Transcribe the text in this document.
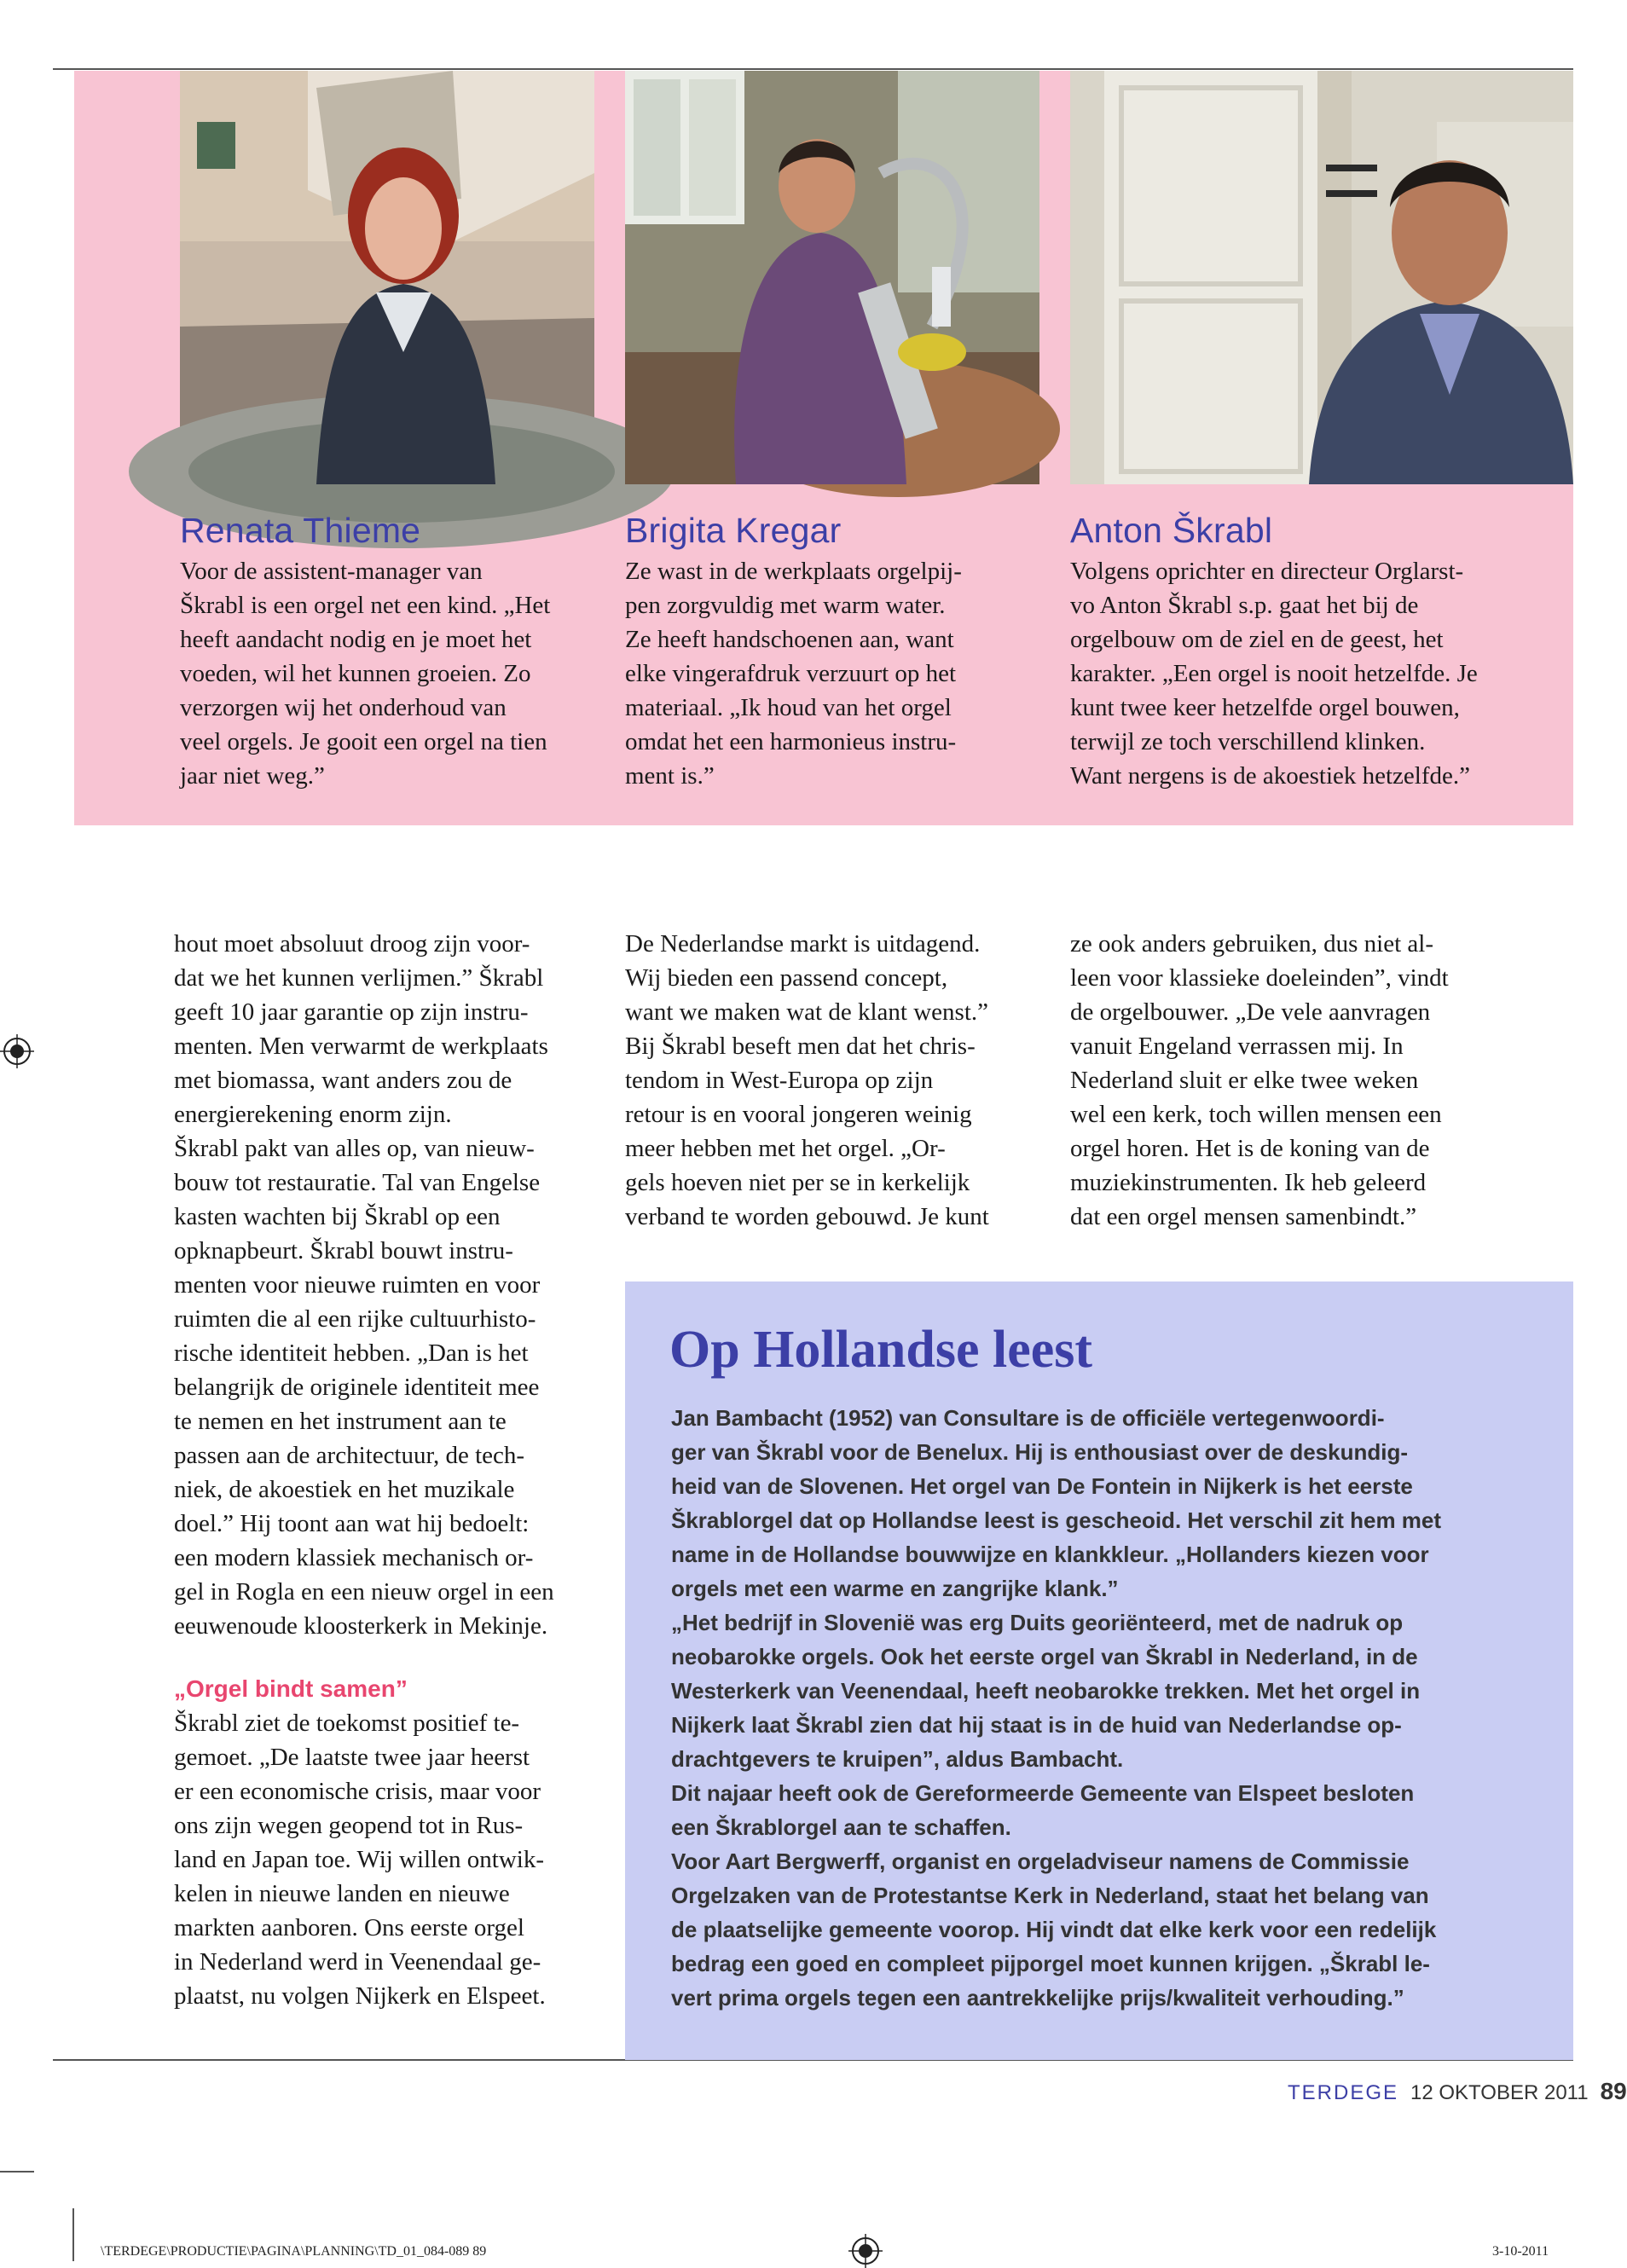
Renata Thieme
Voor de assistent-manager van
Škrabl is een orgel net een kind. „Het
heeft aandacht nodig en je moet het
voeden, wil het kunnen groeien. Zo
verzorgen wij het onderhoud van
veel orgels. Je gooit een orgel na tien
jaar niet weg.”
Brigita Kregar
Ze wast in de werkplaats orgelpij-
pen zorgvuldig met warm water.
Ze heeft handschoenen aan, want
elke vingerafdruk verzuurt op het
materiaal. „Ik houd van het orgel
omdat het een harmonieus instru-
ment is.”
Anton Škrabl
Volgens oprichter en directeur Orglarst-
vo Anton Škrabl s.p. gaat het bij de
orgelbouw om de ziel en de geest, het
karakter. „Een orgel is nooit hetzelfde. Je
kunt twee keer hetzelfde orgel bouwen,
terwijl ze toch verschillend klinken.
Want nergens is de akoestiek hetzelfde.”

hout moet absoluut droog zijn voor-
dat we het kunnen verlijmen.” Škrabl
geeft 10 jaar garantie op zijn instru-
menten. Men verwarmt de werkplaats
met biomassa, want anders zou de
energierekening enorm zijn.
Škrabl pakt van alles op, van nieuw-
bouw tot restauratie. Tal van Engelse
kasten wachten bij Škrabl op een
opknapbeurt. Škrabl bouwt instru-
menten voor nieuwe ruimten en voor
ruimten die al een rijke cultuurhisto-
rische identiteit hebben. „Dan is het
belangrijk de originele identiteit mee
te nemen en het instrument aan te
passen aan de architectuur, de tech-
niek, de akoestiek en het muzikale
doel.” Hij toont aan wat hij bedoelt:
een modern klassiek mechanisch or-
gel in Rogla en een nieuw orgel in een
eeuwenoude kloosterkerk in Mekinje.

„Orgel bindt samen”

Škrabl ziet de toekomst positief te-
gemoet. „De laatste twee jaar heerst
er een economische crisis, maar voor
ons zijn wegen geopend tot in Rus-
land en Japan toe. Wij willen ontwik-
kelen in nieuwe landen en nieuwe
markten aanboren. Ons eerste orgel
in Nederland werd in Veenendaal ge-
plaatst, nu volgen Nijkerk en Elspeet.

De Nederlandse markt is uitdagend.
Wij bieden een passend concept,
want we maken wat de klant wenst.”
Bij Škrabl beseft men dat het chris-
tendom in West-Europa op zijn
retour is en vooral jongeren weinig
meer hebben met het orgel. „Or-
gels hoeven niet per se in kerkelijk
verband te worden gebouwd. Je kunt

ze ook anders gebruiken, dus niet al-
leen voor klassieke doeleinden”, vindt
de orgelbouwer. „De vele aanvragen
vanuit Engeland verrassen mij. In
Nederland sluit er elke twee weken
wel een kerk, toch willen mensen een
orgel horen. Het is de koning van de
muziekinstrumenten. Ik heb geleerd
dat een orgel mensen samenbindt.”

Op Hollandse leest
Jan Bambacht (1952) van Consultare is de officiële vertegenwoordi-
ger van Škrabl voor de Benelux. Hij is enthousiast over de deskundig-
heid van de Slovenen. Het orgel van De Fontein in Nijkerk is het eerste
Škrablorgel dat op Hollandse leest is gescheoid. Het verschil zit hem met
name in de Hollandse bouwwijze en klankkleur. „Hollanders kiezen voor
orgels met een warme en zangrijke klank.”
„Het bedrijf in Slovenië was erg Duits georiënteerd, met de nadruk op
neobarokke orgels. Ook het eerste orgel van Škrabl in Nederland, in de
Westerkerk van Veenendaal, heeft neobarokke trekken. Met het orgel in
Nijkerk laat Škrabl zien dat hij staat is in de huid van Nederlandse op-
drachtgevers te kruipen”, aldus Bambacht.
Dit najaar heeft ook de Gereformeerde Gemeente van Elspeet besloten
een Škrablorgel aan te schaffen.
Voor Aart Bergwerff, organist en orgeladviseur namens de Commissie
Orgelzaken van de Protestantse Kerk in Nederland, staat het belang van
de plaatselijke gemeente voorop. Hij vindt dat elke kerk voor een redelijk
bedrag een goed en compleet pijporgel moet kunnen krijgen. „Škrabl le-
vert prima orgels tegen een aantrekkelijke prijs/kwaliteit verhouding.”
TERDEGE 12 OKTOBER 2011 89
\TERDEGE\PRODUCTIE\PAGINA\PLANNING\TD_01_084-089 89	3-10-2011
